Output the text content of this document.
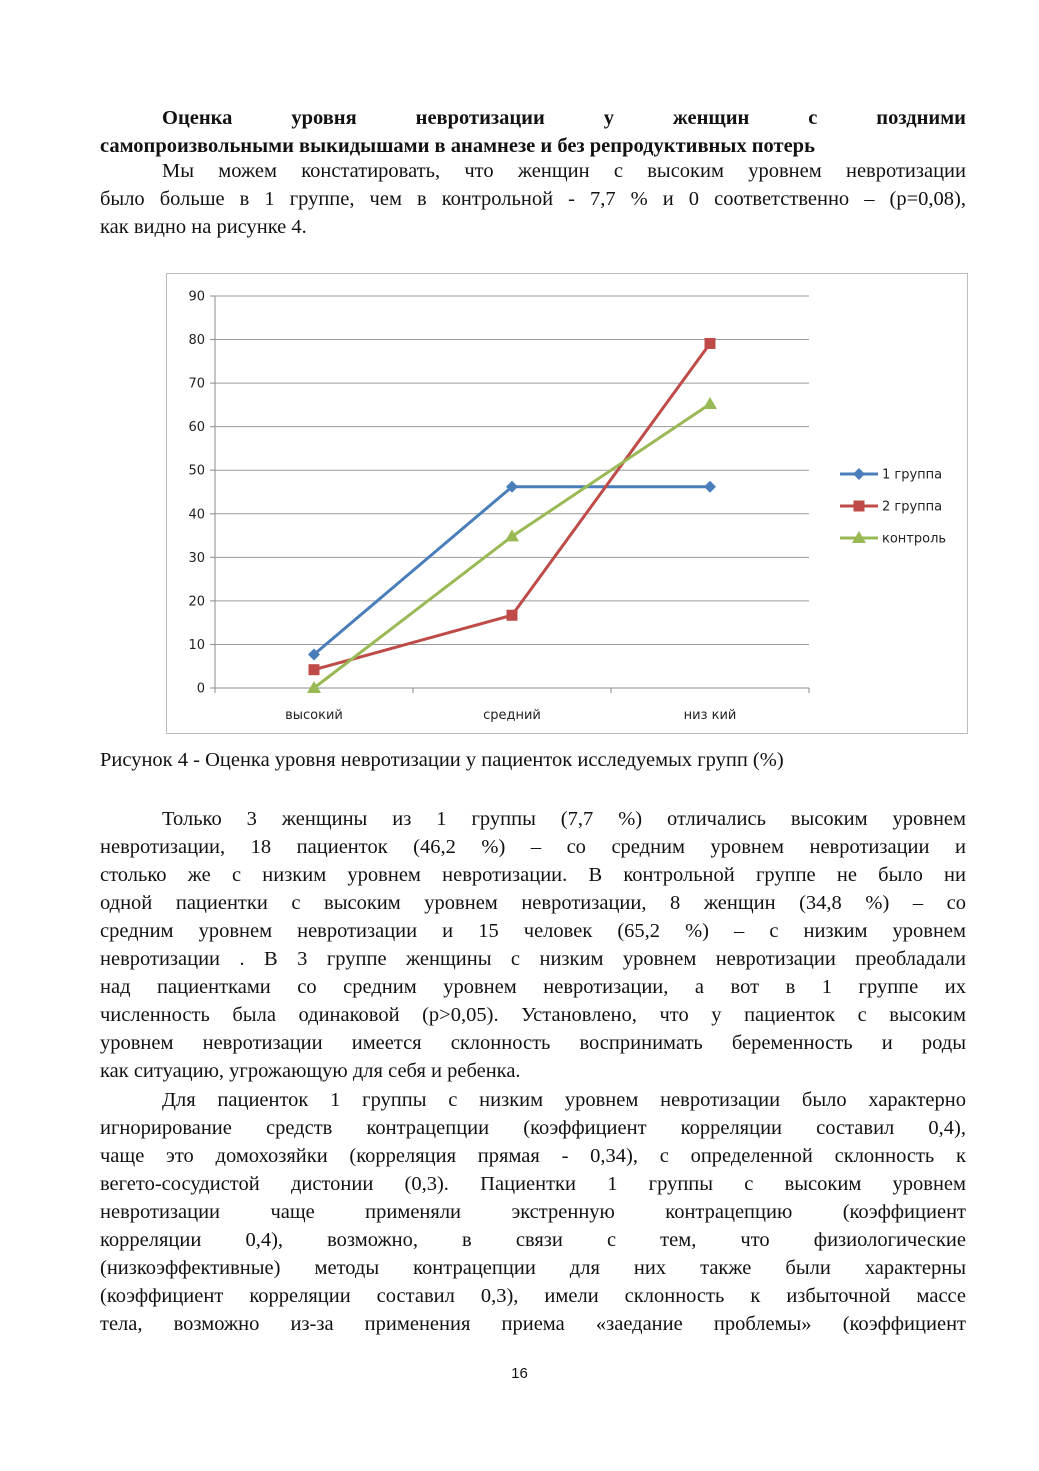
Оценка уровня невротизации у женщин с поздними
самопроизвольными выкидышами в анамнезе и без репродуктивных потерь
Мы можем констатировать, что женщин с высоким уровнем невротизации
было больше в 1 группе, чем в контрольной - 7,7 % и 0 соответственно – (p=0,08),
как видно на рисунке 4.
0
10
20
30
40
50
60
70
80
90
высокий	средний	низ кий
1 группа
2 группа
контроль
Рисунок 4 - Оценка уровня невротизации у пациенток исследуемых групп (%)
Только 3 женщины из 1 группы (7,7 %) отличались высоким уровнем
невротизации, 18 пациенток (46,2 %) – со средним уровнем невротизации и
столько же с низким уровнем невротизации. В контрольной группе не было ни
одной пациентки с высоким уровнем невротизации, 8 женщин (34,8 %) – со
средним уровнем невротизации и 15 человек (65,2 %) – с низким уровнем
невротизации . В 3 группе женщины с низким уровнем невротизации преобладали
над пациентками со средним уровнем невротизации, а вот в 1 группе их
численность была одинаковой (p>0,05). Установлено, что у пациенток с высоким
уровнем невротизации имеется склонность воспринимать беременность и роды
как ситуацию, угрожающую для себя и ребенка.
Для пациенток 1 группы с низким уровнем невротизации было характерно
игнорирование средств контрацепции (коэффициент корреляции составил 0,4),
чаще это домохозяйки (корреляция прямая - 0,34), с определенной склонность к
вегето-сосудистой дистонии (0,3). Пациентки 1 группы с высоким уровнем
невротизации чаще применяли экстренную контрацепцию (коэффициент
корреляции 0,4), возможно, в связи с тем, что физиологические
(низкоэффективные) методы контрацепции для них также были характерны
(коэффициент корреляции составил 0,3), имели склонность к избыточной массе
тела, возможно из-за применения приема «заедание проблемы» (коэффициент
16
